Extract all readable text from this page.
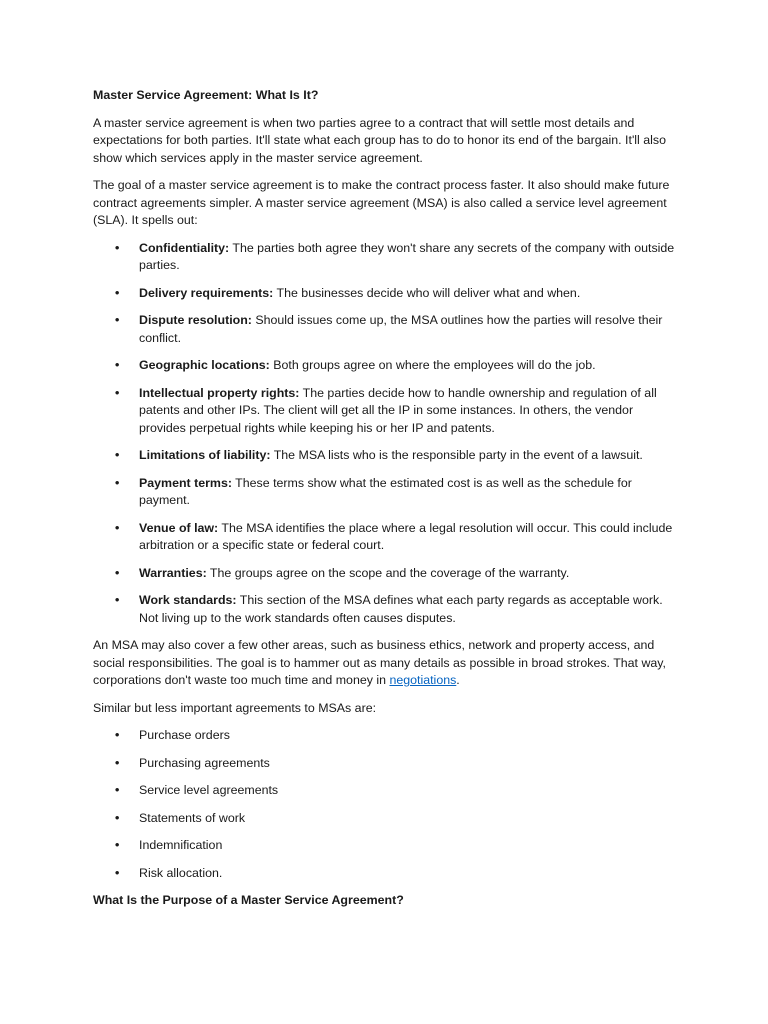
Master Service Agreement: What Is It?

A master service agreement is when two parties agree to a contract that will settle most details and expectations for both parties. It'll state what each group has to do to honor its end of the bargain. It'll also show which services apply in the master service agreement.

The goal of a master service agreement is to make the contract process faster. It also should make future contract agreements simpler. A master service agreement (MSA) is also called a service level agreement (SLA). It spells out:

• Confidentiality: The parties both agree they won't share any secrets of the company with outside parties.
• Delivery requirements: The businesses decide who will deliver what and when.
• Dispute resolution: Should issues come up, the MSA outlines how the parties will resolve their conflict.
• Geographic locations: Both groups agree on where the employees will do the job.
• Intellectual property rights: The parties decide how to handle ownership and regulation of all patents and other IPs. The client will get all the IP in some instances. In others, the vendor provides perpetual rights while keeping his or her IP and patents.
• Limitations of liability: The MSA lists who is the responsible party in the event of a lawsuit.
• Payment terms: These terms show what the estimated cost is as well as the schedule for payment.
• Venue of law: The MSA identifies the place where a legal resolution will occur. This could include arbitration or a specific state or federal court.
• Warranties: The groups agree on the scope and the coverage of the warranty.
• Work standards: This section of the MSA defines what each party regards as acceptable work. Not living up to the work standards often causes disputes.

An MSA may also cover a few other areas, such as business ethics, network and property access, and social responsibilities. The goal is to hammer out as many details as possible in broad strokes. That way, corporations don't waste too much time and money in negotiations.

Similar but less important agreements to MSAs are:

• Purchase orders
• Purchasing agreements
• Service level agreements
• Statements of work
• Indemnification
• Risk allocation.

What Is the Purpose of a Master Service Agreement?
